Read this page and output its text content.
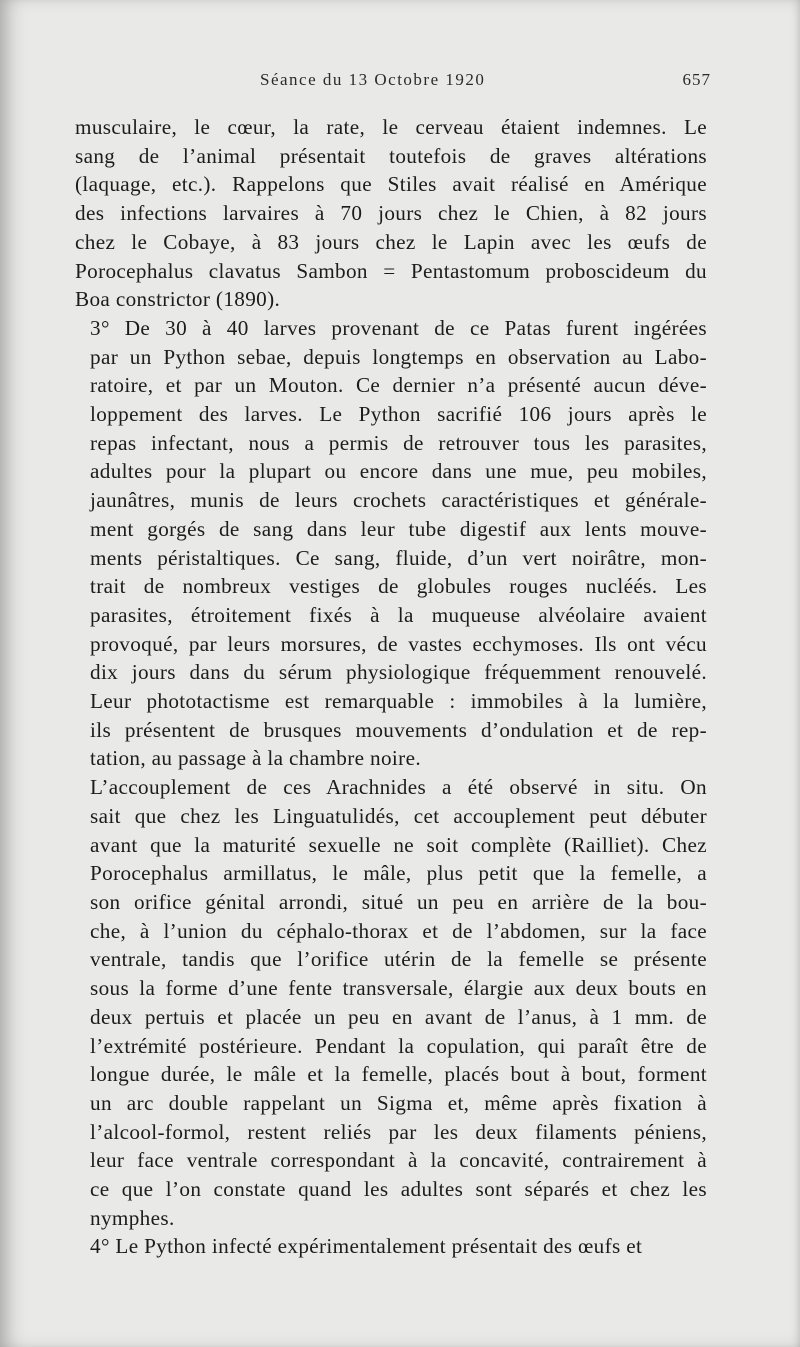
Séance du 13 Octobre 1920	657

musculaire, le cœur, la rate, le cerveau étaient indemnes. Le
sang de l’animal présentait toutefois de graves altérations
(laquage, etc.). Rappelons que Stiles avait réalisé en Amérique
des infections larvaires à 70 jours chez le Chien, à 82 jours
chez le Cobaye, à 83 jours chez le Lapin avec les œufs de
Porocephalus clavatus Sambon = Pentastomum proboscideum du
Boa constrictor (1890).

3° De 30 à 40 larves provenant de ce Patas furent ingérées
par un Python sebae, depuis longtemps en observation au Labo-
ratoire, et par un Mouton. Ce dernier n’a présenté aucun déve-
loppement des larves. Le Python sacrifié 106 jours après le
repas infectant, nous a permis de retrouver tous les parasites,
adultes pour la plupart ou encore dans une mue, peu mobiles,
jaunâtres, munis de leurs crochets caractéristiques et générale-
ment gorgés de sang dans leur tube digestif aux lents mouve-
ments péristaltiques. Ce sang, fluide, d’un vert noirâtre, mon-
trait de nombreux vestiges de globules rouges nucléés. Les
parasites, étroitement fixés à la muqueuse alvéolaire avaient
provoqué, par leurs morsures, de vastes ecchymoses. Ils ont vécu
dix jours dans du sérum physiologique fréquemment renouvelé.
Leur phototactisme est remarquable : immobiles à la lumière,
ils présentent de brusques mouvements d’ondulation et de rep-
tation, au passage à la chambre noire.

L’accouplement de ces Arachnides a été observé in situ. On
sait que chez les Linguatulidés, cet accouplement peut débuter
avant que la maturité sexuelle ne soit complète (Railliet). Chez
Porocephalus armillatus, le mâle, plus petit que la femelle, a
son orifice génital arrondi, situé un peu en arrière de la bou-
che, à l’union du céphalo-thorax et de l’abdomen, sur la face
ventrale, tandis que l’orifice utérin de la femelle se présente
sous la forme d’une fente transversale, élargie aux deux bouts en
deux pertuis et placée un peu en avant de l’anus, à 1 mm. de
l’extrémité postérieure. Pendant la copulation, qui paraît être de
longue durée, le mâle et la femelle, placés bout à bout, forment
un arc double rappelant un Sigma et, même après fixation à
l’alcool-formol, restent reliés par les deux filaments péniens,
leur face ventrale correspondant à la concavité, contrairement à
ce que l’on constate quand les adultes sont séparés et chez les
nymphes.

4° Le Python infecté expérimentalement présentait des œufs et
